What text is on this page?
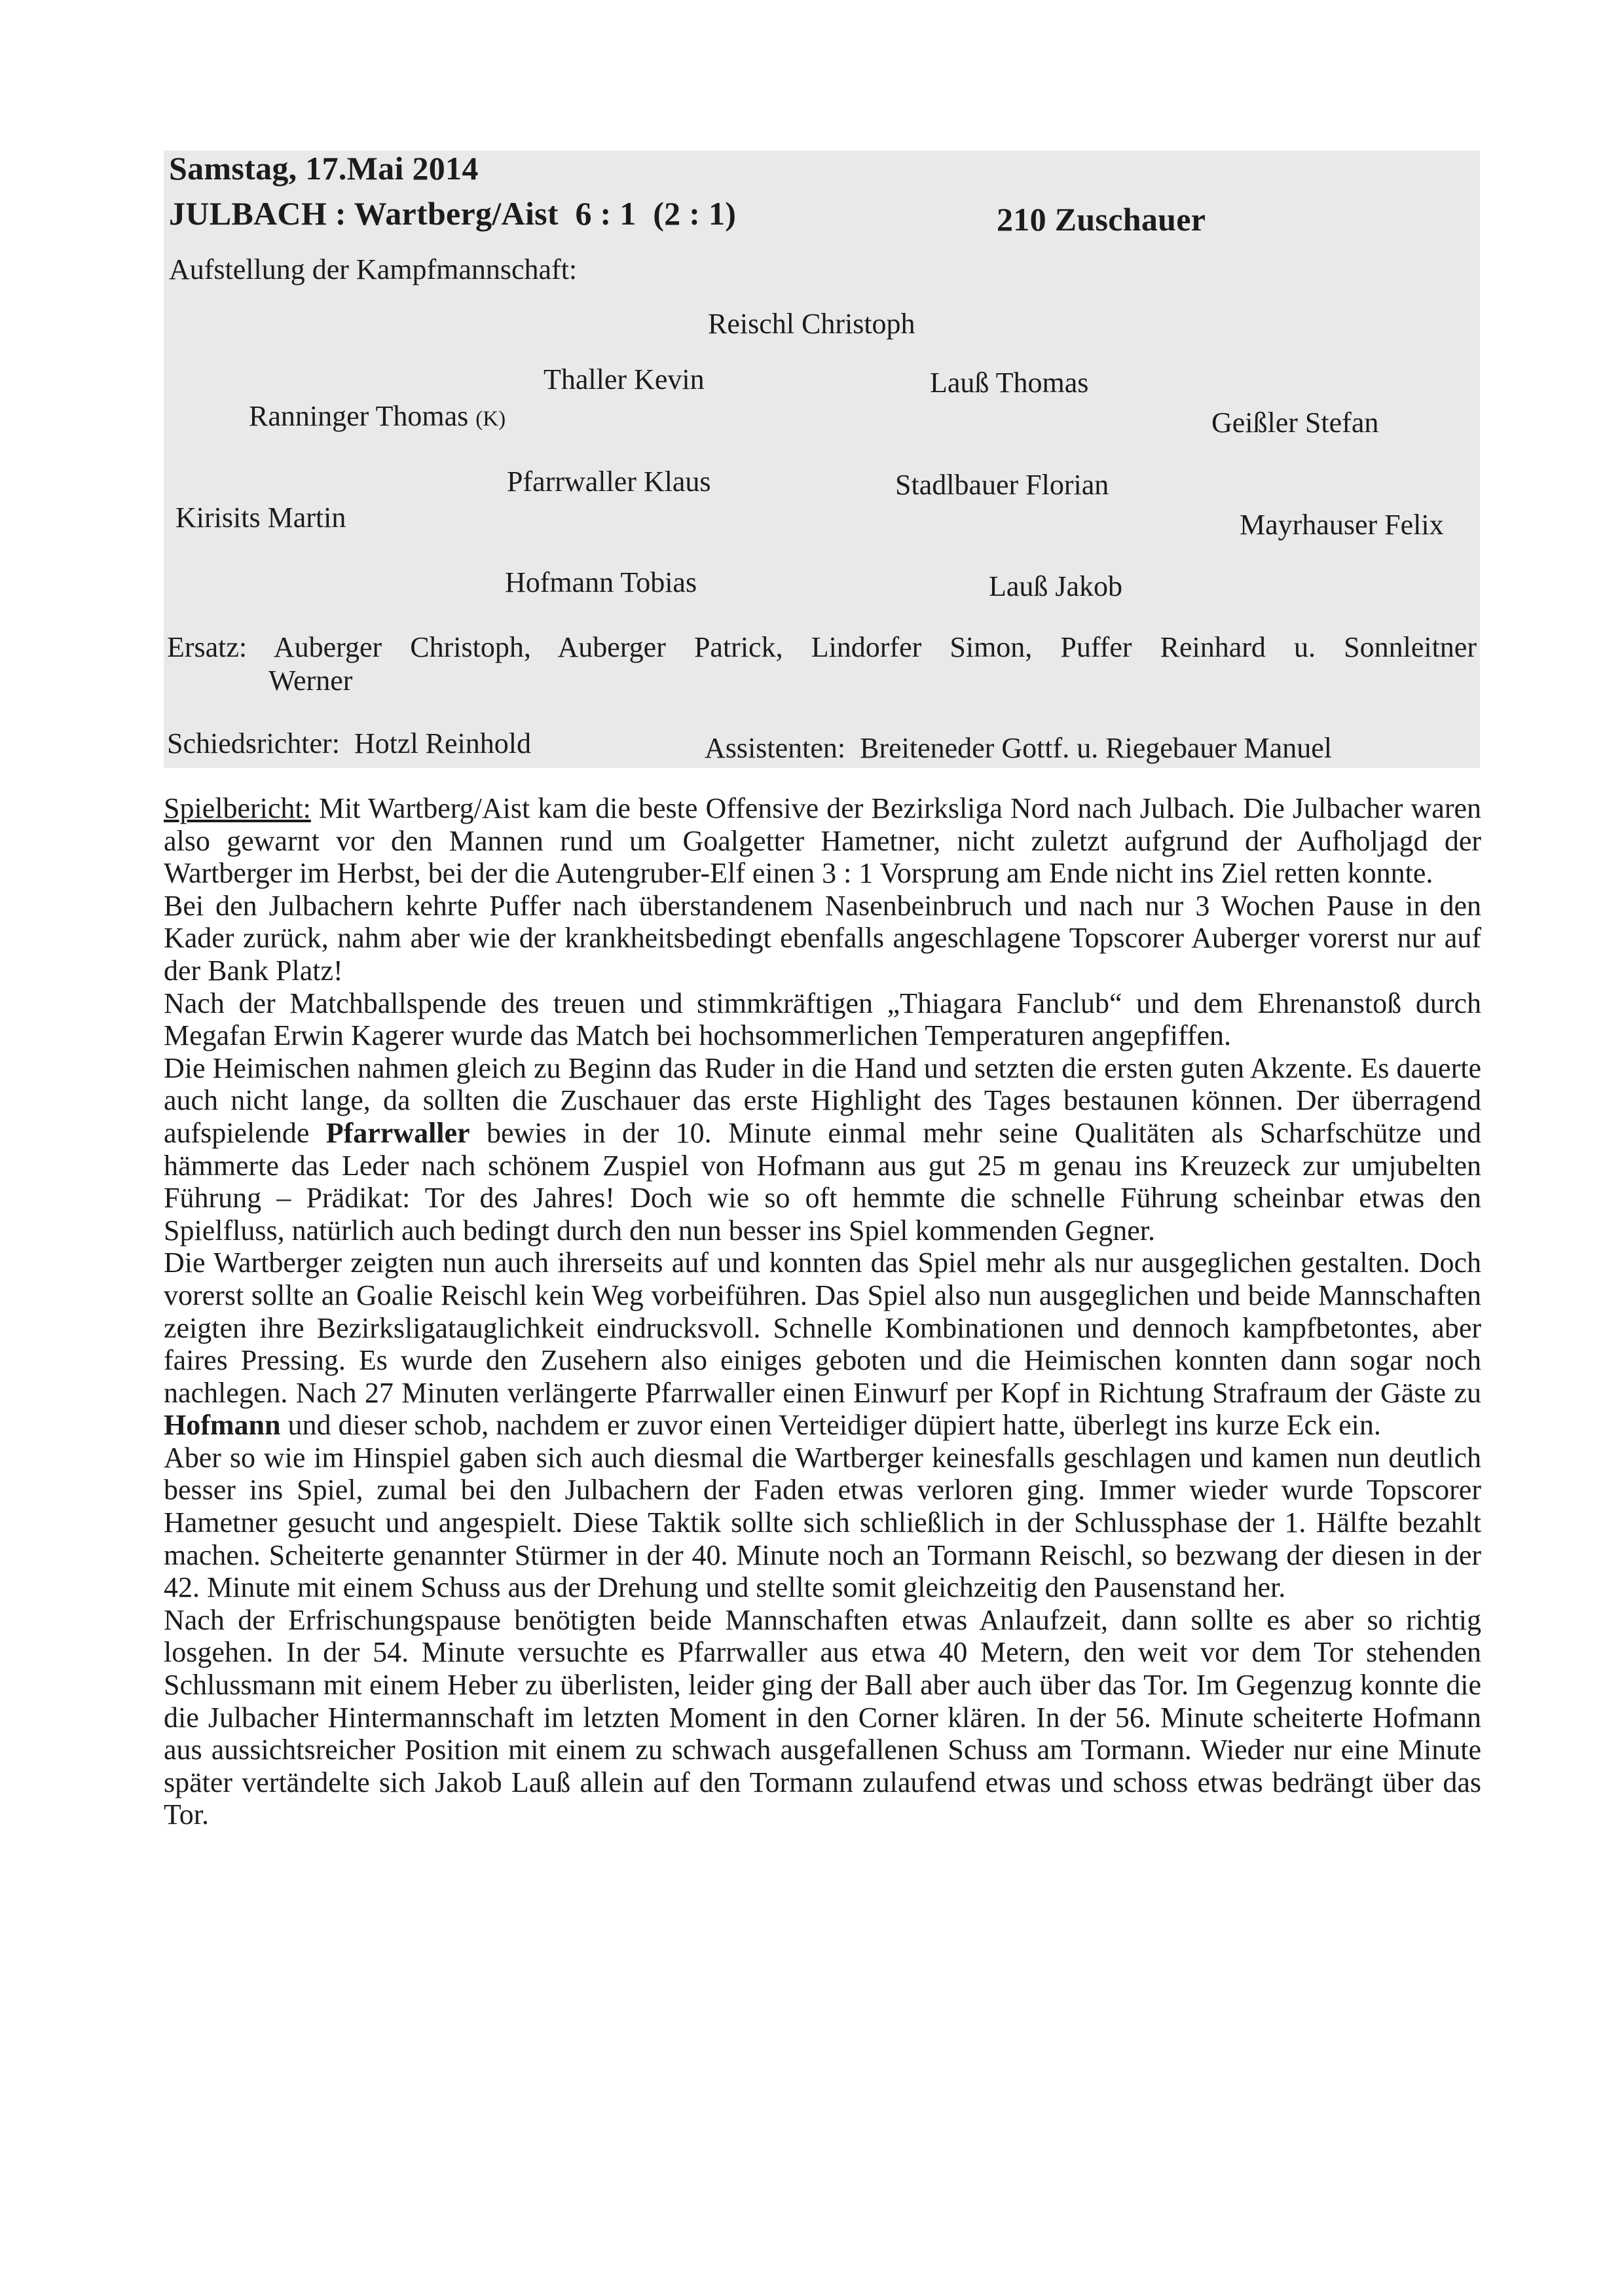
Samstag, 17.Mai 2014
JULBACH : Wartberg/Aist  6 : 1  (2 : 1)	210 Zuschauer
Aufstellung der Kampfmannschaft:
Reischl Christoph
Thaller Kevin	Lauß Thomas
Ranninger Thomas (K)	Geißler Stefan
Pfarrwaller Klaus	Stadlbauer Florian
Kirisits Martin	Mayrhauser Felix
Hofmann Tobias	Lauß Jakob
Ersatz: Auberger Christoph, Auberger Patrick, Lindorfer Simon, Puffer Reinhard u. Sonnleitner
Werner
Schiedsrichter:  Hotzl Reinhold	Assistenten:  Breiteneder Gottf. u. Riegebauer Manuel

Spielbericht: Mit Wartberg/Aist kam die beste Offensive der Bezirksliga Nord nach Julbach. Die Julbacher waren also gewarnt vor den Mannen rund um Goalgetter Hametner, nicht zuletzt aufgrund der Aufholjagd der Wartberger im Herbst, bei der die Autengruber-Elf einen 3 : 1 Vorsprung am Ende nicht ins Ziel retten konnte.

Bei den Julbachern kehrte Puffer nach überstandenem Nasenbeinbruch und nach nur 3 Wochen Pause in den Kader zurück, nahm aber wie der krankheitsbedingt ebenfalls angeschlagene Topscorer Auberger vorerst nur auf der Bank Platz!

Nach der Matchballspende des treuen und stimmkräftigen „Thiagara Fanclub“ und dem Ehrenanstoß durch Megafan Erwin Kagerer wurde das Match bei hochsommerlichen Temperaturen angepfiffen.

Die Heimischen nahmen gleich zu Beginn das Ruder in die Hand und setzten die ersten guten Akzente. Es dauerte auch nicht lange, da sollten die Zuschauer das erste Highlight des Tages bestaunen können. Der überragend aufspielende Pfarrwaller bewies in der 10. Minute einmal mehr seine Qualitäten als Scharfschütze und hämmerte das Leder nach schönem Zuspiel von Hofmann aus gut 25 m genau ins Kreuzeck zur umjubelten Führung – Prädikat: Tor des Jahres! Doch wie so oft hemmte die schnelle Führung scheinbar etwas den Spielfluss, natürlich auch bedingt durch den nun besser ins Spiel kommenden Gegner.

Die Wartberger zeigten nun auch ihrerseits auf und konnten das Spiel mehr als nur ausgeglichen gestalten. Doch vorerst sollte an Goalie Reischl kein Weg vorbeiführen. Das Spiel also nun ausgeglichen und beide Mannschaften zeigten ihre Bezirksligatauglichkeit eindrucksvoll. Schnelle Kombinationen und dennoch kampfbetontes, aber faires Pressing. Es wurde den Zusehern also einiges geboten und die Heimischen konnten dann sogar noch nachlegen. Nach 27 Minuten verlängerte Pfarrwaller einen Einwurf per Kopf in Richtung Strafraum der Gäste zu Hofmann und dieser schob, nachdem er zuvor einen Verteidiger düpiert hatte, überlegt ins kurze Eck ein.

Aber so wie im Hinspiel gaben sich auch diesmal die Wartberger keinesfalls geschlagen und kamen nun deutlich besser ins Spiel, zumal bei den Julbachern der Faden etwas verloren ging. Immer wieder wurde Topscorer Hametner gesucht und angespielt. Diese Taktik sollte sich schließlich in der Schlussphase der 1. Hälfte bezahlt machen. Scheiterte genannter Stürmer in der 40. Minute noch an Tormann Reischl, so bezwang der diesen in der 42. Minute mit einem Schuss aus der Drehung und stellte somit gleichzeitig den Pausenstand her.

Nach der Erfrischungspause benötigten beide Mannschaften etwas Anlaufzeit, dann sollte es aber so richtig losgehen. In der 54. Minute versuchte es Pfarrwaller aus etwa 40 Metern, den weit vor dem Tor stehenden Schlussmann mit einem Heber zu überlisten, leider ging der Ball aber auch über das Tor. Im Gegenzug konnte die die Julbacher Hintermannschaft im letzten Moment in den Corner klären. In der 56. Minute scheiterte Hofmann aus aussichtsreicher Position mit einem zu schwach ausgefallenen Schuss am Tormann. Wieder nur eine Minute später vertändelte sich Jakob Lauß allein auf den Tormann zulaufend etwas und schoss etwas bedrängt über das Tor.
